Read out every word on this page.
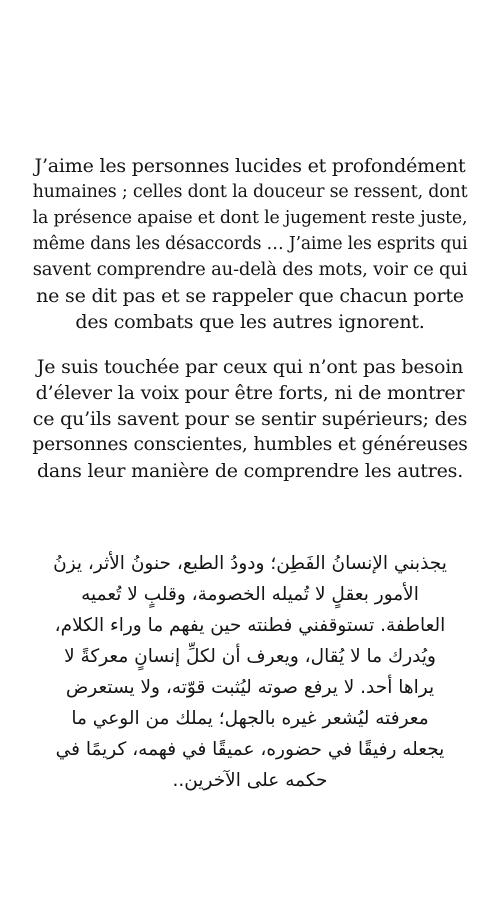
J’aime les personnes lucides et profondément
humaines ; celles dont la douceur se ressent, dont
la présence apaise et dont le jugement reste juste,
même dans les désaccords … J’aime les esprits qui
savent comprendre au-delà des mots, voir ce qui
ne se dit pas et se rappeler que chacun porte
des combats que les autres ignorent.
Je suis touchée par ceux qui n’ont pas besoin
d’élever la voix pour être forts, ni de montrer
ce qu’ils savent pour se sentir supérieurs; des
personnes conscientes, humbles et généreuses
dans leur manière de comprendre les autres.
يجذبني الإنسانُ الفَطِن؛ ودودُ الطبع، حنونُ الأثر، يزنُ
الأمور بعقلٍ لا تُميله الخصومة، وقلبٍ لا تُعميه
العاطفة. تستوقفني فطنته حين يفهم ما وراء الكلام،
ويُدرك ما لا يُقال، ويعرف أن لكلِّ إنسانٍ معركةً لا
يراها أحد. لا يرفع صوته ليُثبت قوّته، ولا يستعرض
معرفته ليُشعر غيره بالجهل؛ يملك من الوعي ما
يجعله رفيقًا في حضوره، عميقًا في فهمه، كريمًا في
حكمه على الآخرين..
